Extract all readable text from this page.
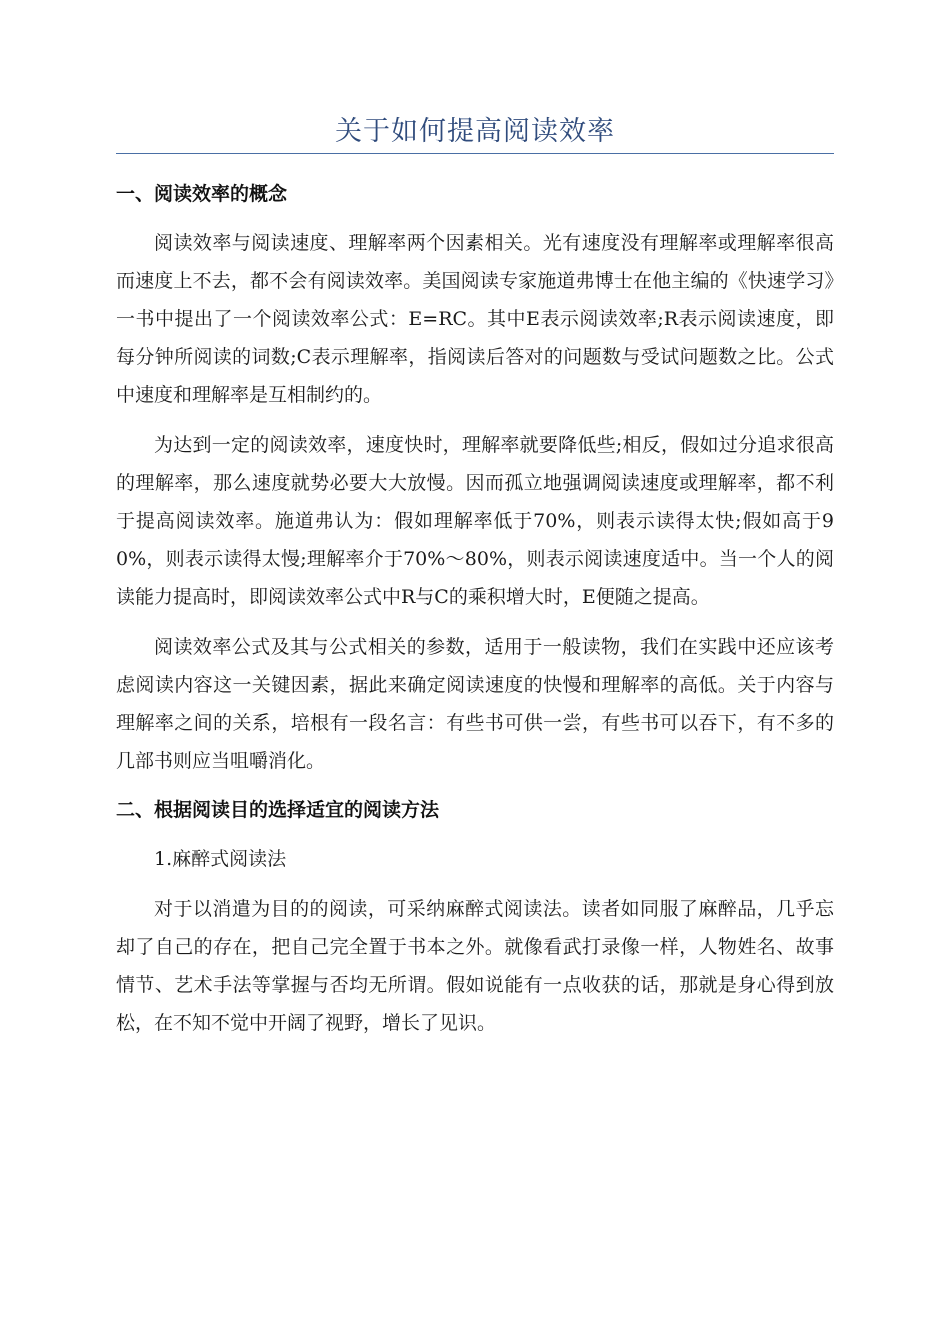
关于如何提高阅读效率
一、阅读效率的概念

阅读效率与阅读速度、理解率两个因素相关。光有速度没有理解率或理解率很高而速度上不去，都不会有阅读效率。美国阅读专家施道弗博士在他主编的《快速学习》一书中提出了一个阅读效率公式：E=RC。其中E表示阅读效率;R表示阅读速度，即每分钟所阅读的词数;C表示理解率，指阅读后答对的问题数与受试问题数之比。公式中速度和理解率是互相制约的。

为达到一定的阅读效率，速度快时，理解率就要降低些;相反，假如过分追求很高的理解率，那么速度就势必要大大放慢。因而孤立地强调阅读速度或理解率，都不利于提高阅读效率。施道弗认为：假如理解率低于70%，则表示读得太快;假如高于90%，则表示读得太慢;理解率介于70%～80%，则表示阅读速度适中。当一个人的阅读能力提高时，即阅读效率公式中R与C的乘积增大时，E便随之提高。

阅读效率公式及其与公式相关的参数，适用于一般读物，我们在实践中还应该考虑阅读内容这一关键因素，据此来确定阅读速度的快慢和理解率的高低。关于内容与理解率之间的关系，培根有一段名言：有些书可供一尝，有些书可以吞下，有不多的几部书则应当咀嚼消化。

二、根据阅读目的选择适宜的阅读方法

1.麻醉式阅读法

对于以消遣为目的的阅读，可采纳麻醉式阅读法。读者如同服了麻醉品，几乎忘却了自己的存在，把自己完全置于书本之外。就像看武打录像一样，人物姓名、故事情节、艺术手法等掌握与否均无所谓。假如说能有一点收获的话，那就是身心得到放松，在不知不觉中开阔了视野，增长了见识。
